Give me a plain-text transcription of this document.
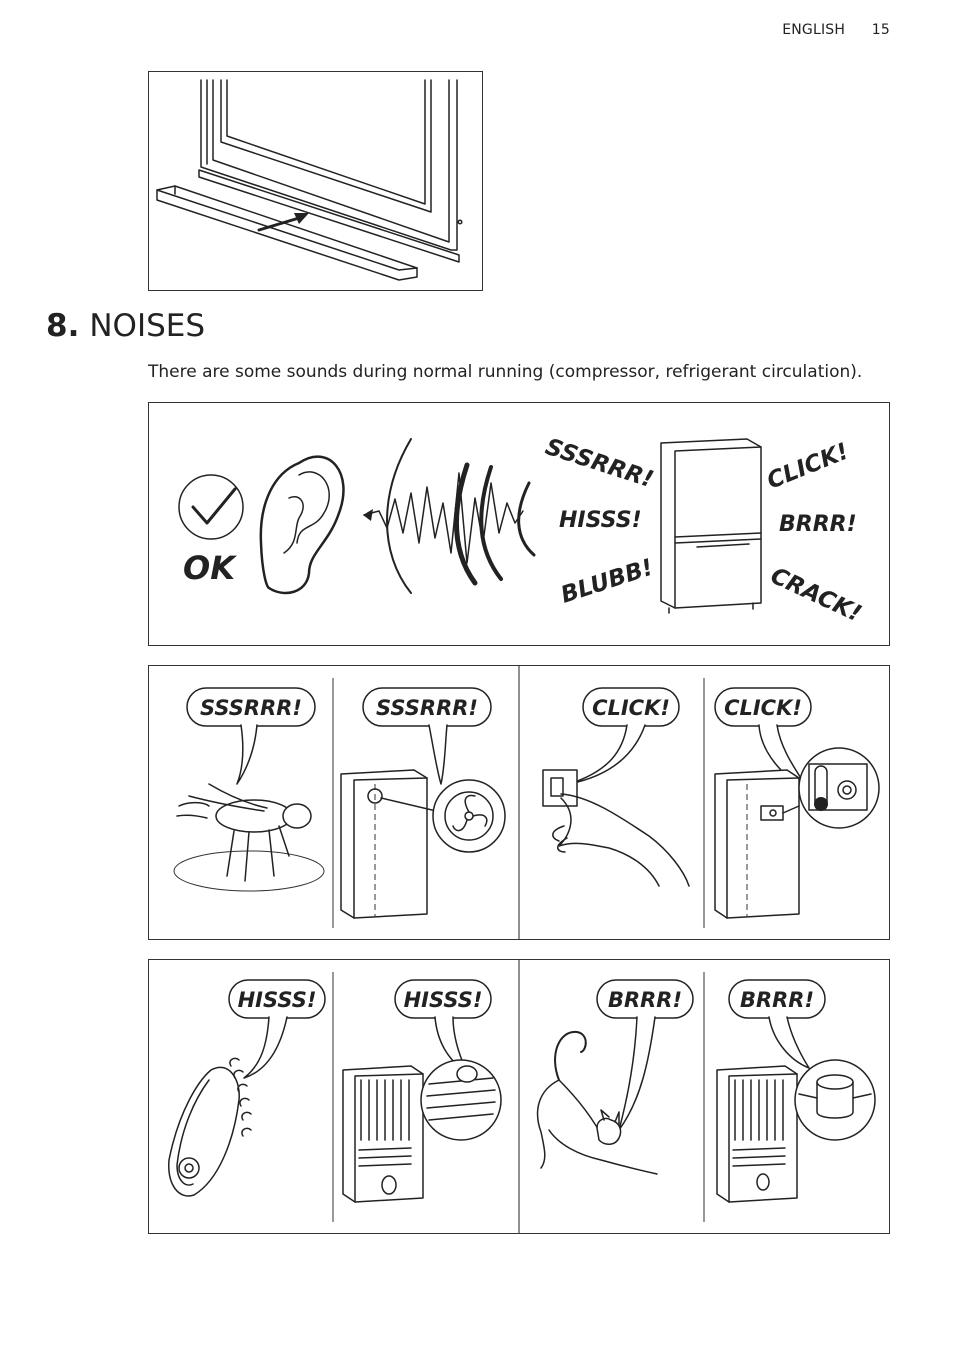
ENGLISH 15
8. NOISES

There are some sounds during normal running (compressor, refrigerant circulation).

OK
SSSRRR!
HISSS!
BLUBB!
CLICK!
BRRR!
CRACK!
SSSRRR!	SSSRRR!	CLICK!	CLICK!
HISSS!	HISSS!	BRRR!	BRRR!
